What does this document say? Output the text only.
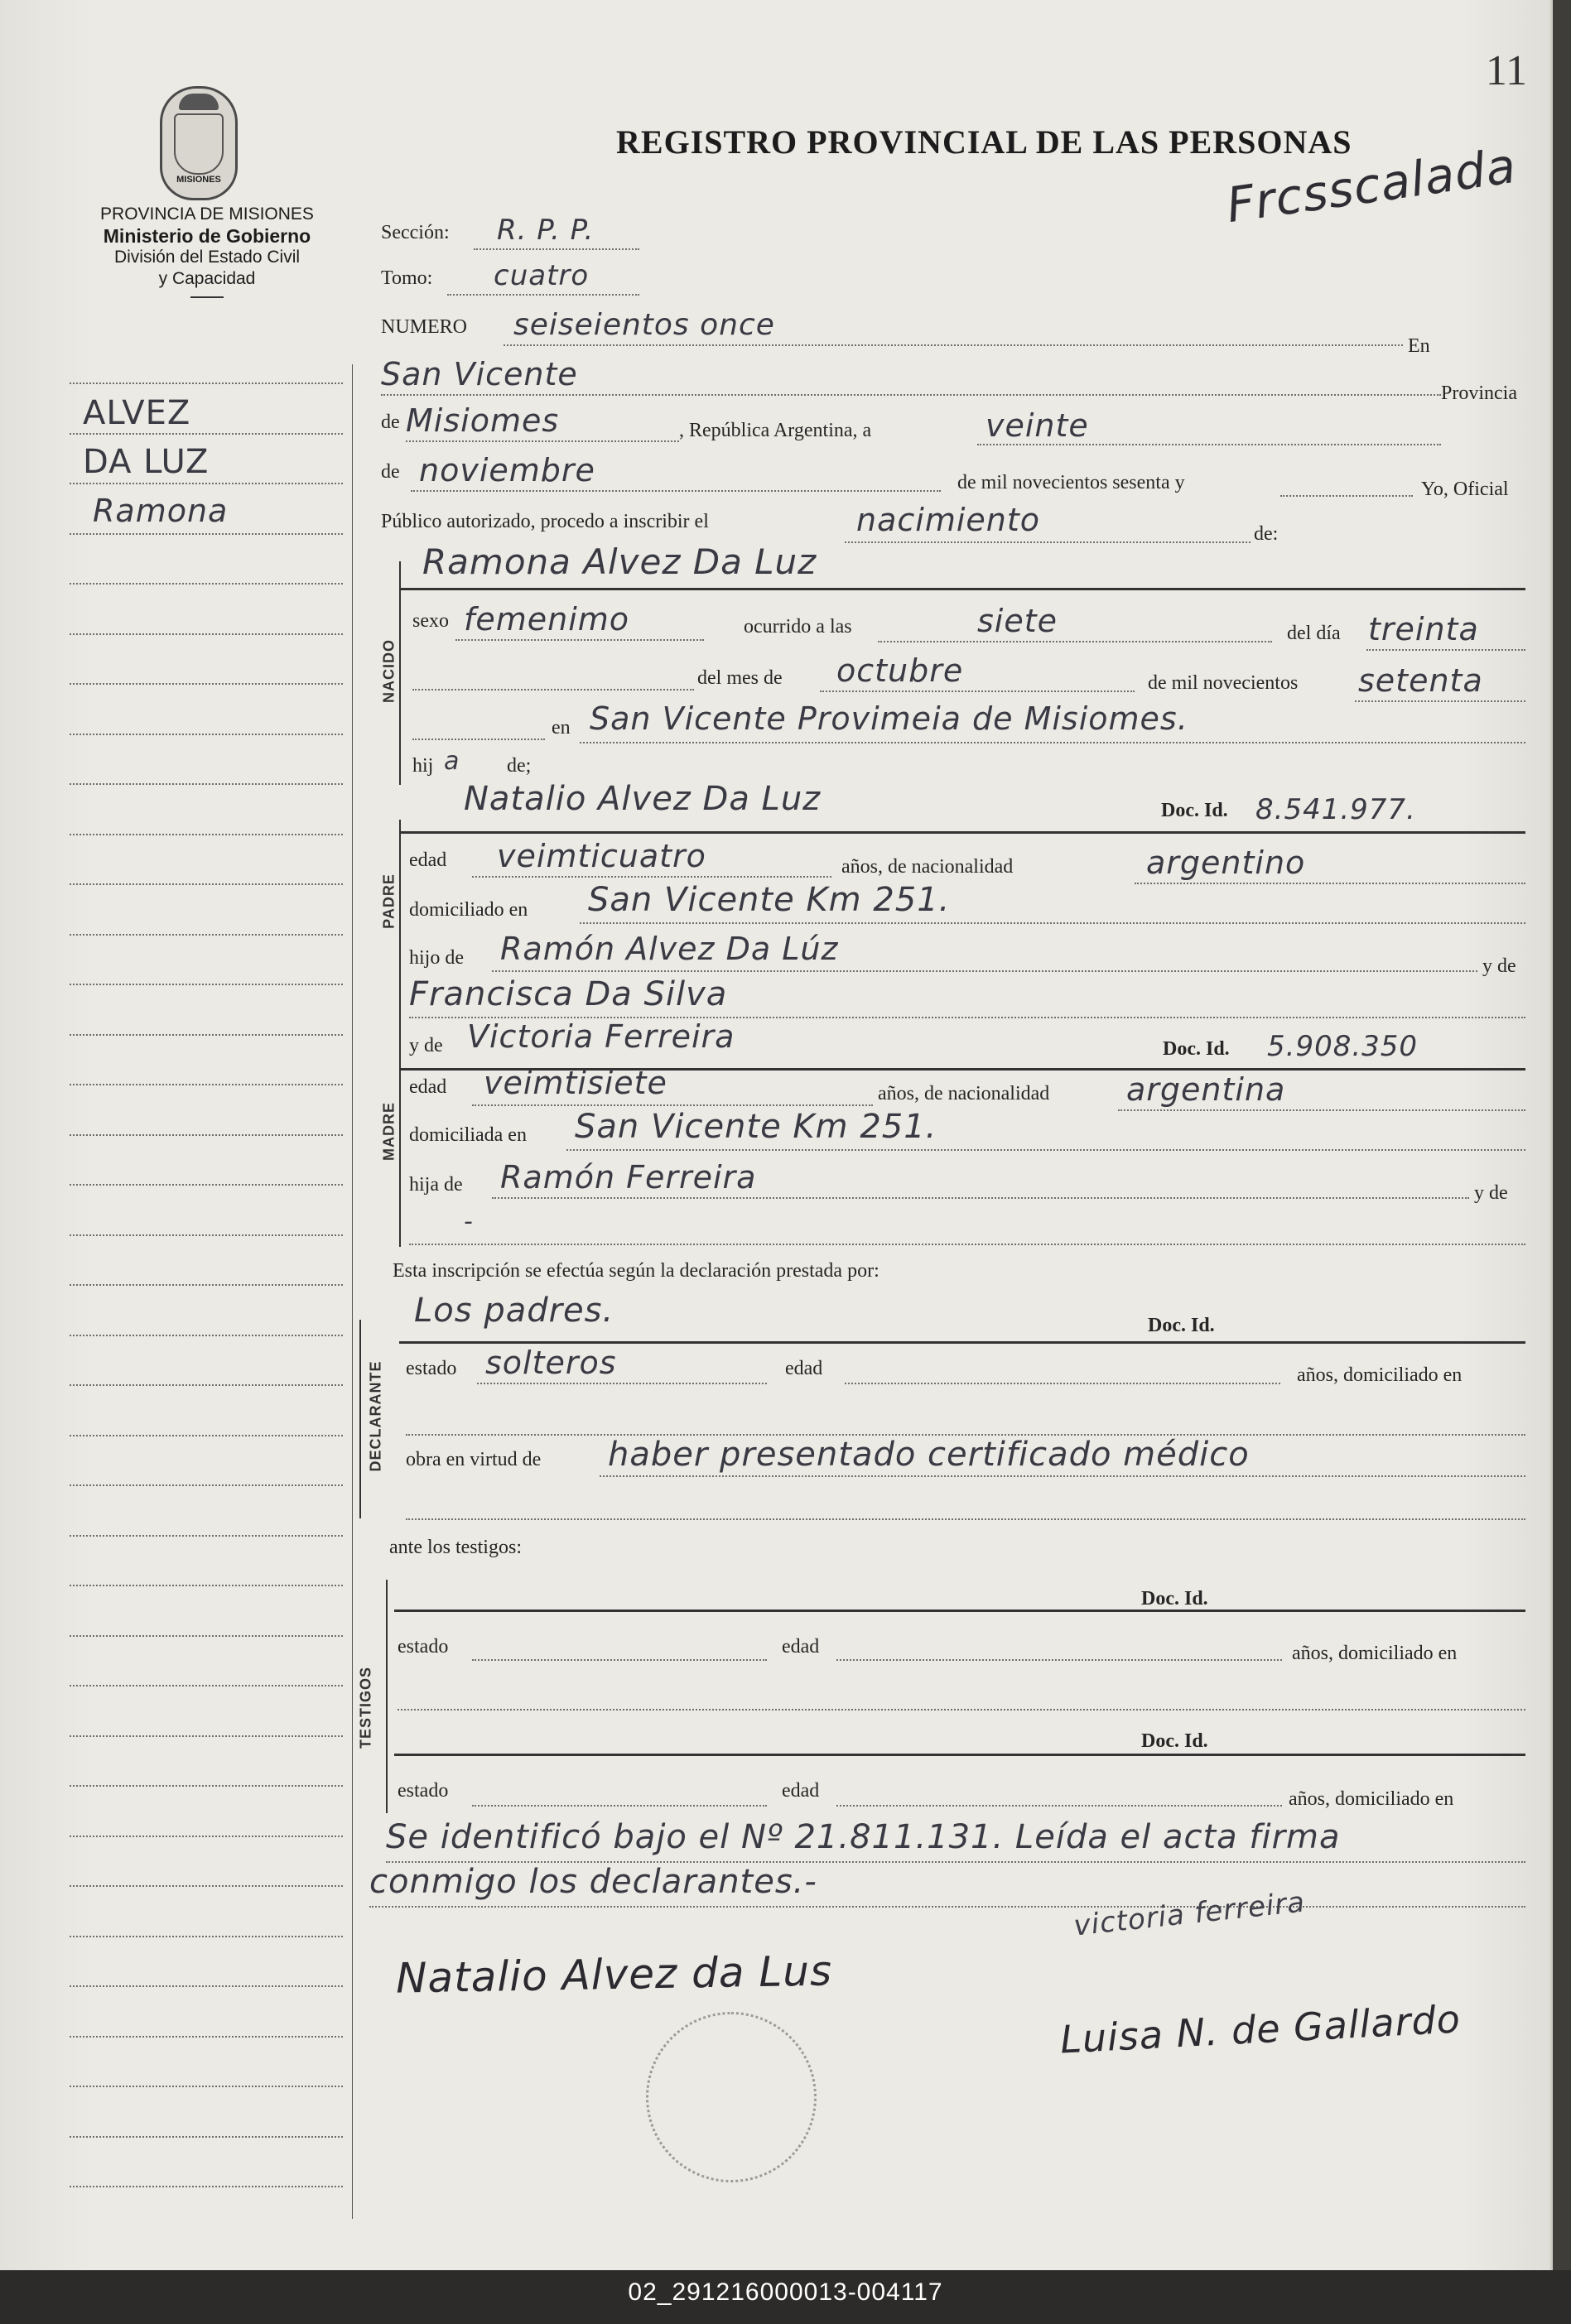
11
MISIONES
PROVINCIA DE MISIONES
Ministerio de Gobierno
División del Estado Civil
y Capacidad
REGISTRO PROVINCIAL DE LAS PERSONAS
Frcsscalada
ALVEZ
DA LUZ
Ramona
Sección: R. P. P.
Tomo: cuatro
NUMERO seiseientos once
En
San Vicente
Provincia
de Misiomes	, República Argentina, a	veinte
de noviembre	de mil novecientos sesenta y	Yo, Oficial
Público autorizado, procedo a inscribir el	nacimiento	de:
Ramona Alvez Da Luz
NACIDO
sexo femenimo	ocurrido a las	siete	del día treinta
del mes de octubre	de mil novecientos setenta
en San Vicente Provimeia de Misiomes.
hij a de;
Natalio Alvez Da Luz	Doc. Id. 8.541.977.
PADRE
edad veimticuatro	años, de nacionalidad	argentino
domiciliado en San Vicente Km 251.
hijo de Ramón Alvez Da Lúz	y de
Francisca Da Silva
y de Victoria Ferreira	Doc. Id. 5.908.350
MADRE
edad veimtisiete	años, de nacionalidad argentina
domiciliada en San Vicente Km 251.
hija de Ramón Ferreira	y de
-
Esta inscripción se efectúa según la declaración prestada por:
Los padres.	Doc. Id.
DECLARANTE estado solteros	edad	años, domiciliado en
obra en virtud de haber presentado certificado médico
ante los testigos:
TESTIGOS
Doc. Id.
estado	edad	años, domiciliado en
Doc. Id.
estado	edad	años, domiciliado en
Se identificó bajo el Nº 21.811.131. Leída el acta firma
conmigo los declarantes.-
Natalio Alvez da Lus
victoria ferreira
Luisa N. de Gallardo
02_291216000013-004117
